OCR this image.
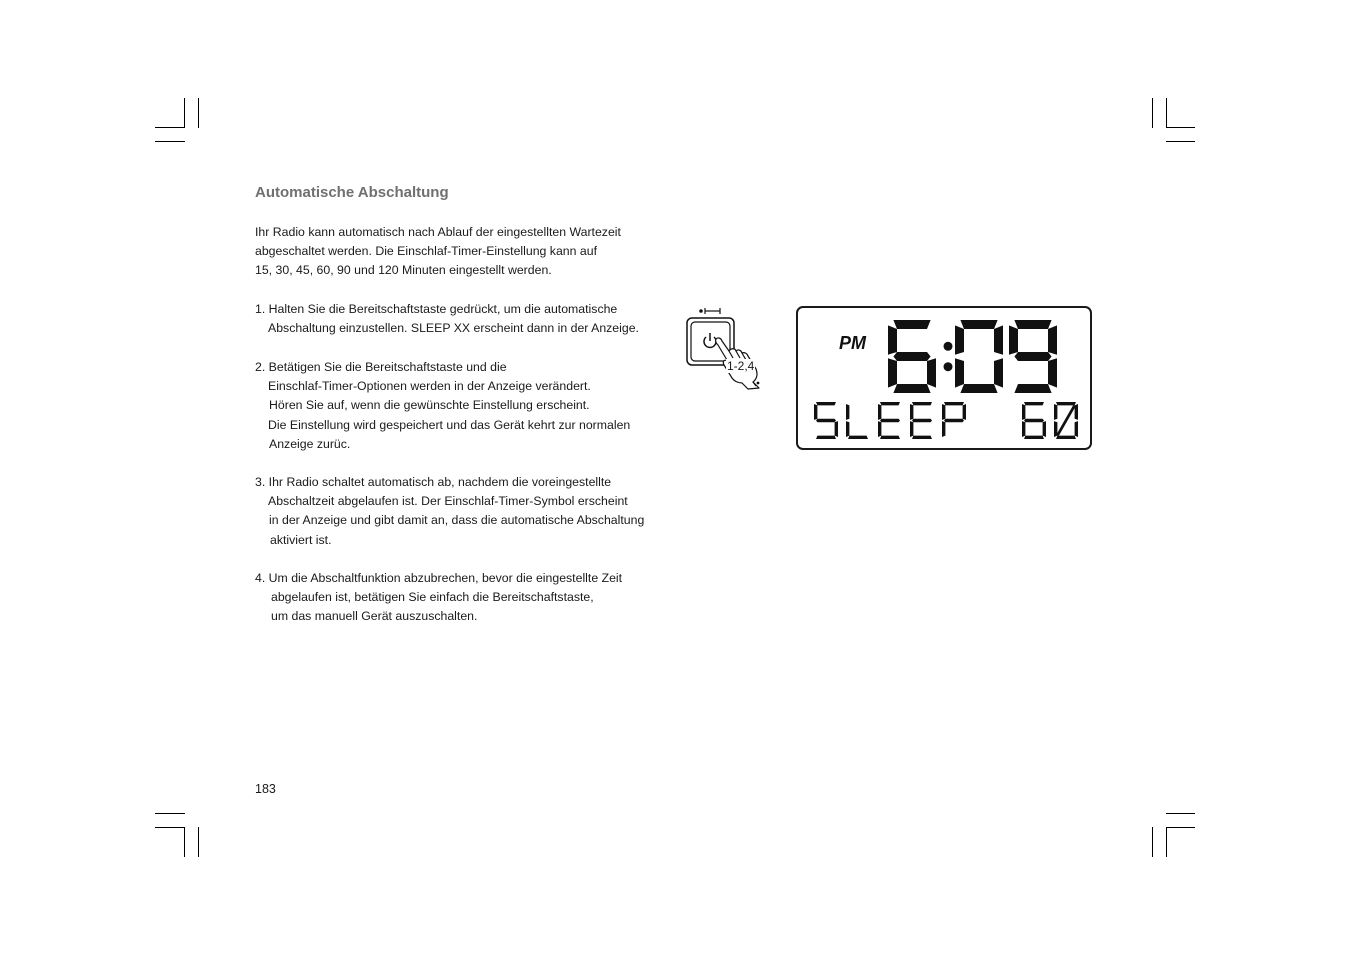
Automatische Abschaltung

Ihr Radio kann automatisch nach Ablauf der eingestellten Wartezeit
abgeschaltet werden. Die Einschlaf-Timer-Einstellung kann auf
15, 30, 45, 60, 90 und 120 Minuten eingestellt werden.

1. Halten Sie die Bereitschaftstaste gedrückt, um die automatische
Abschaltung einzustellen. SLEEP XX erscheint dann in der Anzeige.

2. Betätigen Sie die Bereitschaftstaste und die
Einschlaf-Timer-Optionen werden in der Anzeige verändert.
Hören Sie auf, wenn die gewünschte Einstellung erscheint.
Die Einstellung wird gespeichert und das Gerät kehrt zur normalen
Anzeige zurüc.

3. Ihr Radio schaltet automatisch ab, nachdem die voreingestellte
Abschaltzeit abgelaufen ist. Der Einschlaf-Timer-Symbol erscheint
in der Anzeige und gibt damit an, dass die automatische Abschaltung
aktiviert ist.

4. Um die Abschaltfunktion abzubrechen, bevor die eingestellte Zeit
abgelaufen ist, betätigen Sie einfach die Bereitschaftstaste,
um das manuell Gerät auszuschalten.

183
1-2,4
PM
